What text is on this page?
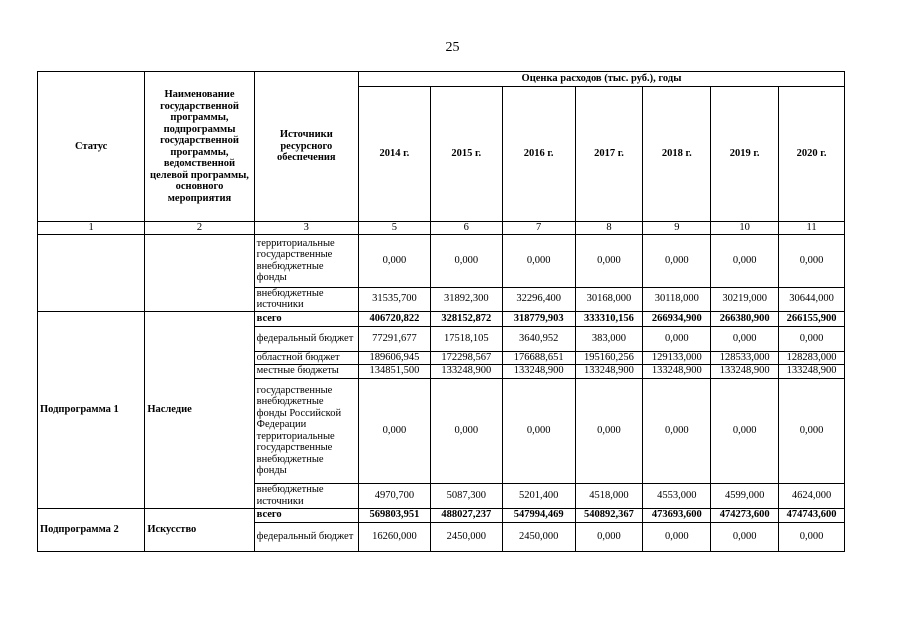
25
Статус	Наименование государственной программы, подпрограммы государственной программы, ведомственной целевой программы, основного мероприятия	Источники ресурсного обеспечения	Оценка расходов (тыс. руб.), годы						
			2014 г.	2015 г.	2016 г.	2017 г.	2018 г.	2019 г.	2020 г.
1	2	3	5	6	7	8	9	10	11
		территориальные государственные внебюджетные фонды	0,000	0,000	0,000	0,000	0,000	0,000	0,000
		внебюджетные источники	31535,700	31892,300	32296,400	30168,000	30118,000	30219,000	30644,000
Подпрограмма 1	Наследие	всего	406720,822	328152,872	318779,903	333310,156	266934,900	266380,900	266155,900
		федеральный бюджет	77291,677	17518,105	3640,952	383,000	0,000	0,000	0,000
		областной бюджет	189606,945	172298,567	176688,651	195160,256	129133,000	128533,000	128283,000
		местные бюджеты	134851,500	133248,900	133248,900	133248,900	133248,900	133248,900	133248,900
		государственные внебюджетные фонды Российской Федерации территориальные государственные внебюджетные фонды	0,000	0,000	0,000	0,000	0,000	0,000	0,000
		внебюджетные источники	4970,700	5087,300	5201,400	4518,000	4553,000	4599,000	4624,000
Подпрограмма 2	Искусство	всего	569803,951	488027,237	547994,469	540892,367	473693,600	474273,600	474743,600
		федеральный бюджет	16260,000	2450,000	2450,000	0,000	0,000	0,000	0,000
